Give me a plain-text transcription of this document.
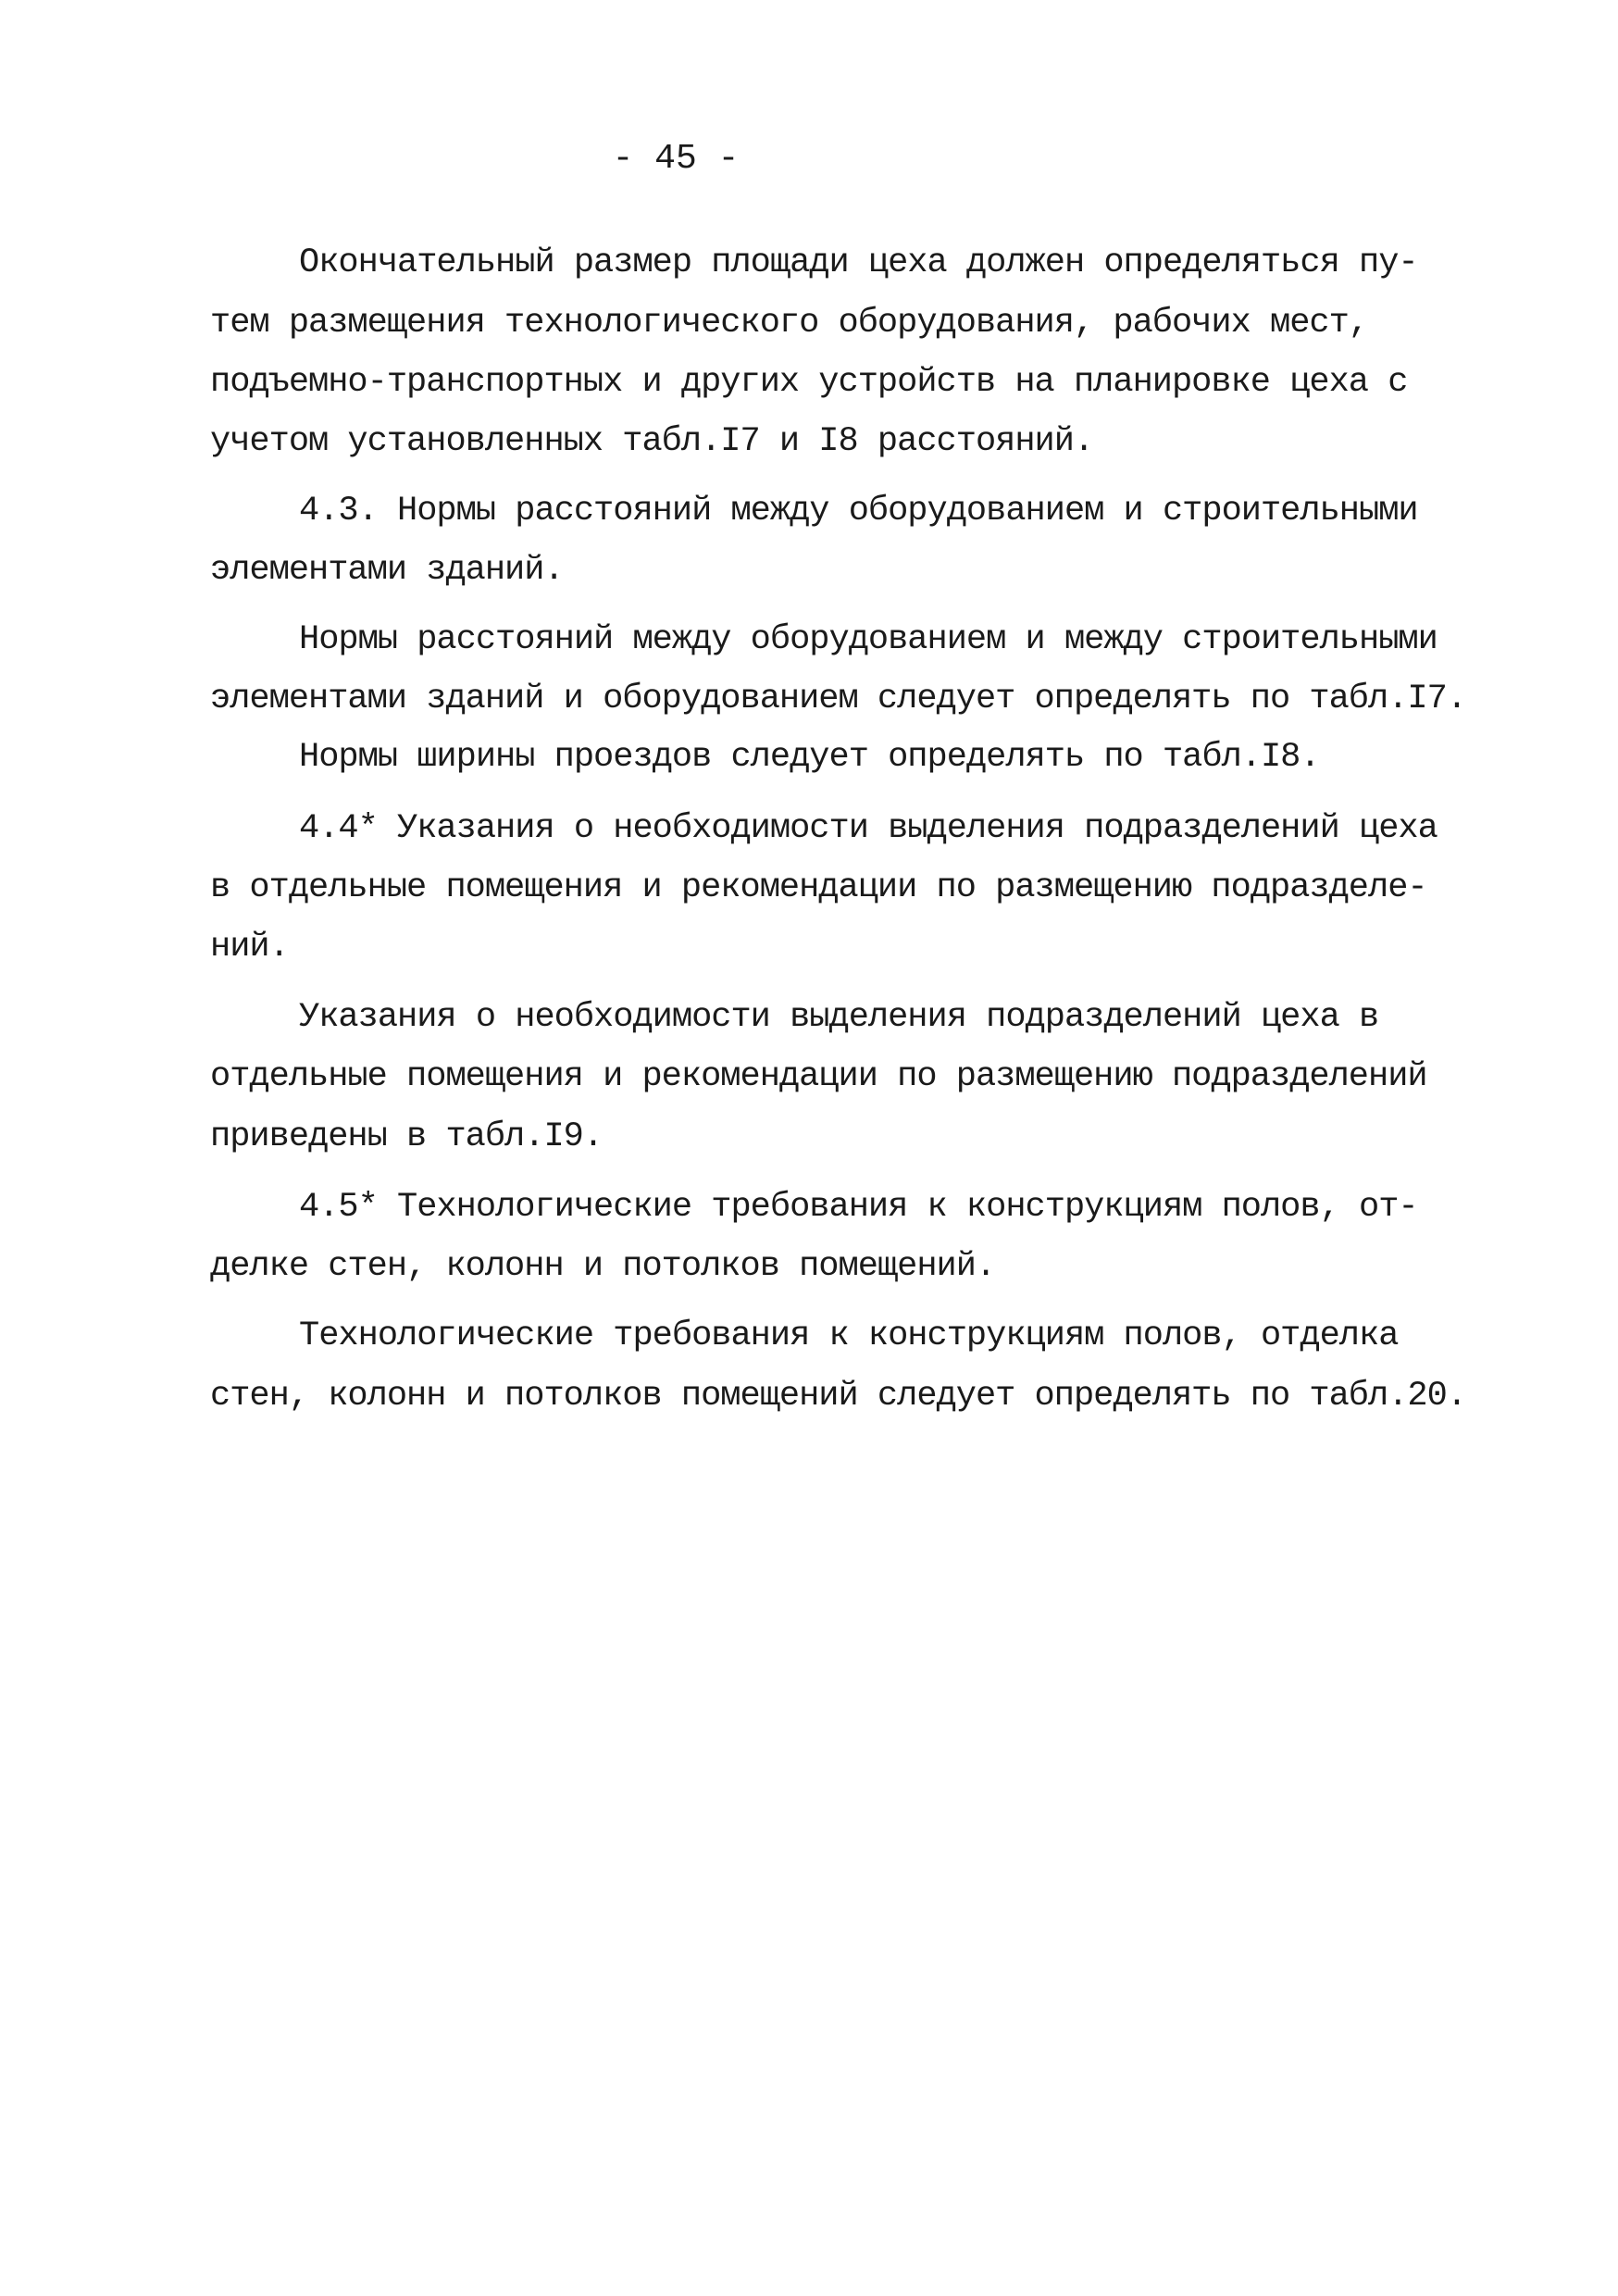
- 45 -
Окончательный размер площади цеха должен определяться пу-
тем размещения технологического оборудования, рабочих мест,
подъемно-транспортных и других устройств на планировке цеха с
учетом установленных табл.I7 и I8 расстояний.
4.3. Нормы расстояний между оборудованием и строительными
элементами зданий.
Нормы расстояний между оборудованием и между строительными
элементами зданий и оборудованием следует определять по табл.I7.
Нормы ширины проездов следует определять по табл.I8.
4.4* Указания о необходимости выделения подразделений цеха
в отдельные помещения и рекомендации по размещению подразделе-
ний.
Указания о необходимости выделения подразделений цеха в
отдельные помещения и рекомендации по размещению подразделений
приведены в табл.I9.
4.5* Технологические требования к конструкциям полов, от-
делке стен, колонн и потолков помещений.
Технологические требования к конструкциям полов, отделка
стен, колонн и потолков помещений следует определять по табл.20.
